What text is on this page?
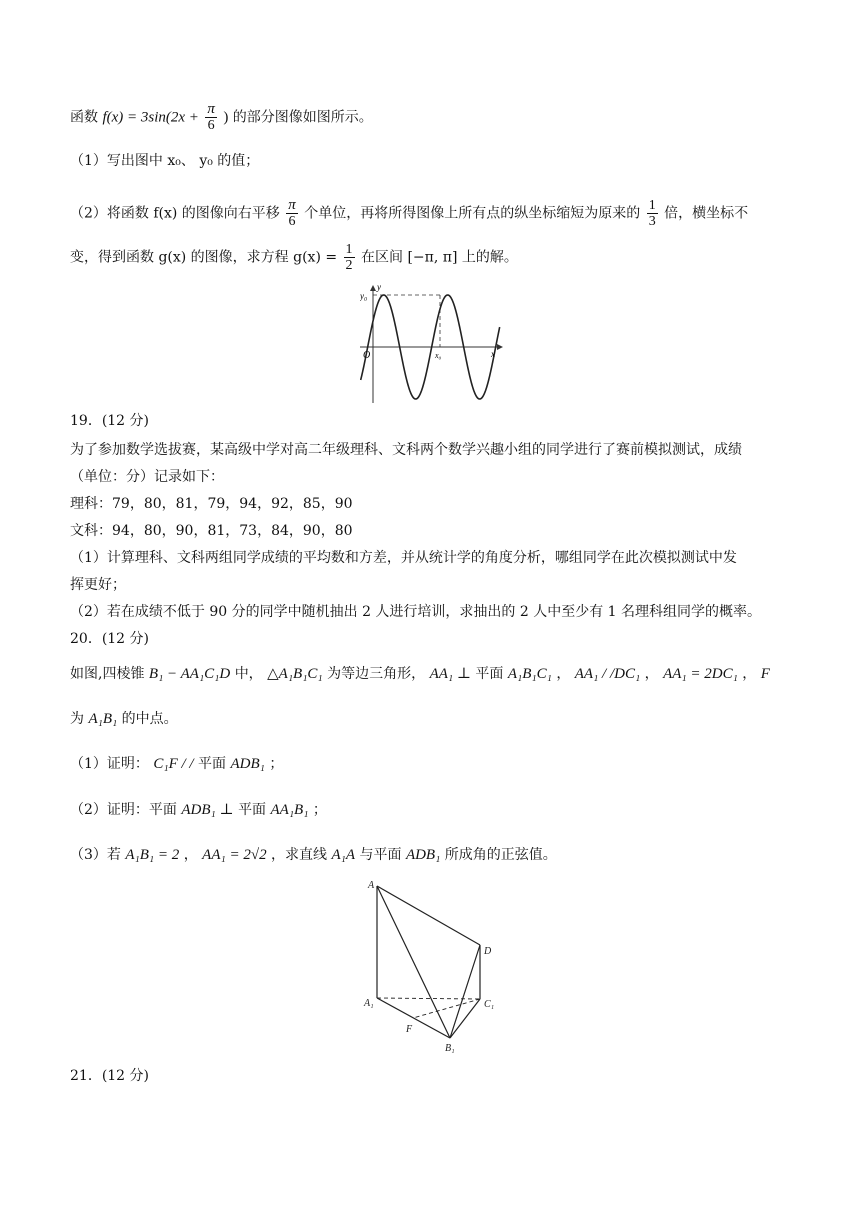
函数 $f(x) = 3\sin(2x + \frac{\pi}{6}$ ) 的部分图像如图所示。
（1）写出图中 x₀、 y₀ 的值；
（2）将函数 f(x) 的图像向右平移 $\frac{\pi}{6}$ 个单位，再将所得图像上所有点的纵坐标缩短为原来的 $\frac{1}{3}$ 倍，横坐标不
变，得到函数 g(x) 的图像，求方程 $g(x) = \frac{1}{2}$ 在区间 [−π, π] 上的解。
y₀
y
O	x₀	x
19．(12 分)
为了参加数学选拔赛，某高级中学对高二年级理科、文科两个数学兴趣小组的同学进行了赛前模拟测试，成绩
（单位：分）记录如下：
理科：79，80，81，79，94，92，85，90
文科：94，80，90，81，73，84，90，80
（1）计算理科、文科两组同学成绩的平均数和方差，并从统计学的角度分析，哪组同学在此次模拟测试中发
挥更好；
（2）若在成绩不低于 90 分的同学中随机抽出 2 人进行培训，求抽出的 2 人中至少有 1 名理科组同学的概率。
20．(12 分)
如图,四棱锥 B₁ − AA₁C₁D 中， △A₁B₁C₁ 为等边三角形， AA₁ ⊥ 平面 A₁B₁C₁ ， AA₁ / /DC₁ ， AA₁ = 2DC₁ ， F
为 A₁B₁ 的中点。
（1）证明： C₁F / / 平面 ADB₁ ；
（2）证明：平面 ADB₁ ⊥ 平面 AA₁B₁ ；
（3）若 A₁B₁ = 2 ， AA₁ = 2√2 ，求直线 A₁A 与平面 ADB₁ 所成角的正弦值。
A
D
A₁	C₁
F
B₁
21．(12 分)
